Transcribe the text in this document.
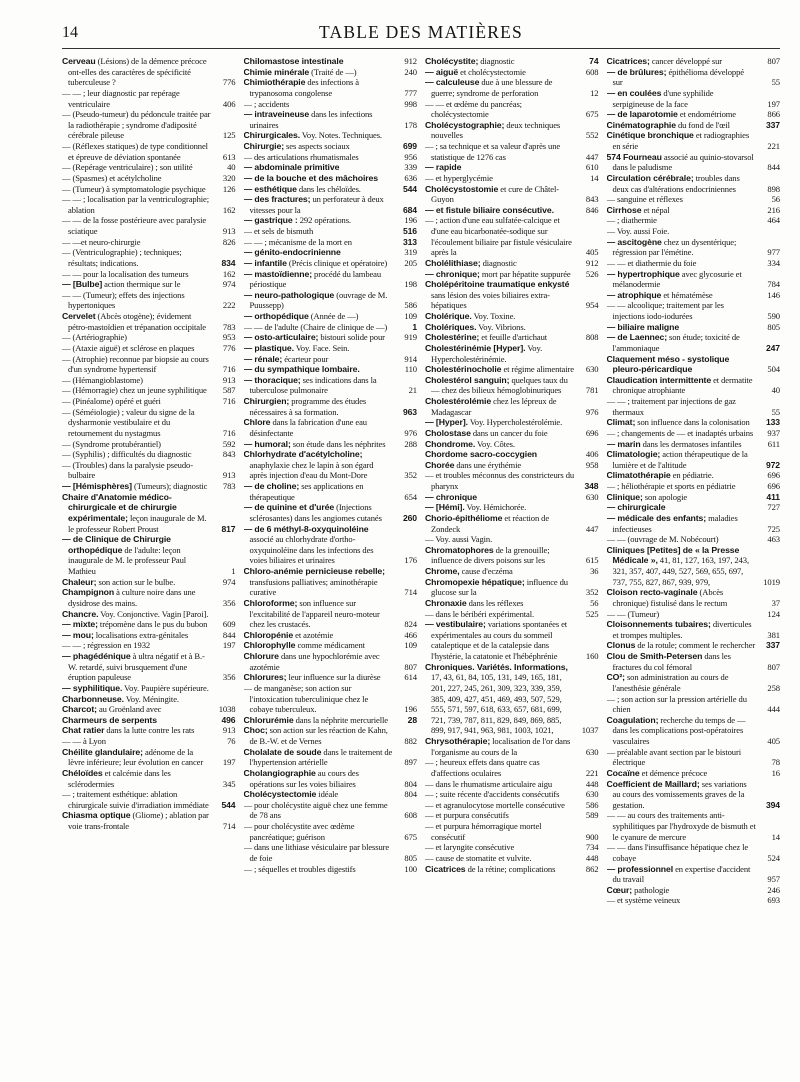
14	TABLE DES MATIÈRES
Cerveau (Lésions) de la démence précoce ont-elles des caractères de spécificité tuberculeuse ?	776
— — ; leur diagnostic par repérage ventriculaire	406
— (Pseudo-tumeur) du pédoncule traitée par la radiothérapie ; syndrome d'adiposité cérébrale pileuse	125
— (Réflexes statiques) de type conditionnel et épreuve de déviation spontanée	613
— (Repérage ventriculaire) ; son utilité	40
— (Spasmes) et acétylcholine	320
— (Tumeur) à symptomatologie psychique 126
— — ; localisation par la ventriculographie; ablation	162
— — de la fosse postérieure avec paralysie sciatique	913
— —et neuro-chirurgie	826
— (Ventriculographie) ; techniques; résultats; indications.	834
— — pour la localisation des tumeurs	162
— [Bulbe] action thermique sur le	974
— — (Tumeur); effets des injections hypertoniques	222
Cervelet (Abcès otogène); évidement pétro-mastoïdien et trépanation occipitale 783
— (Artériographie)	953
— (Ataxie aiguë) et sclérose en plaques	776
— (Atrophie) reconnue par biopsie au cours d'un syndrome hypertensif	716
— (Hémangioblastome)	913
— (Hémorragie) chez un jeune syphilitique 587
— (Pinéalome) opéré et guéri	716
— (Séméiologie) ; valeur du signe de la dysharmonie vestibulaire et du retournement du nystagmus	716
— (Syndrome protubérantiel)	592
— (Syphilis) ; difficultés du diagnostic	843
— (Troubles) dans la paralysie pseudo-bulbaire	913
— [Hémisphères] (Tumeurs); diagnostic 783
Chaire d'Anatomie médico-chirurgicale et de chirurgie expérimentale; leçon inaugurale de M. le professeur Robert Proust	817
— de Clinique de Chirurgie orthopédique de l'adulte: leçon inaugurale de M. le professeur Paul Mathieu	1
Chaleur; son action sur le bulbe.	974
Champignon à culture noire dans une dysidrose des mains.	356
Chancre. Voy. Conjonctive. Vagin [Paroi].
— mixte; trépomène dans le pus du bubon 609
— mou; localisations extra-génitales	844
— — ; régression en 1932	197
— phagédénique à ultra négatif et à B.-W. retardé, suivi brusquement d'une éruption papuleuse	356
— syphilitique. Voy. Paupière supérieure.
Charbonneuse. Voy. Méningite.
Charcot; au Groënland avec	1038
Charmeurs de serpents	496
Chat ratier dans la lutte contre les rats	913
— — à Lyon	76
Chéilite glandulaire; adénome de la lèvre inférieure; leur évolution en cancer 197
Chéloïdes et calcémie dans les sclérodermies	345
— ; traitement esthétique: ablation chirurgicale suivie d'irradiation immédiate 544
Chiasma optique (Gliome) ; ablation par voie trans-frontale	714
Chilomastose intestinale	912
Chimie minérale (Traité de —)	240
Chimiothérapie des infections à trypanosoma congolense	777
— ; accidents	998
— intraveineuse dans les infections urinaires	178
Chirurgicales. Voy. Notes. Techniques.
Chirurgie; ses aspects sociaux	699
— des articulations rhumatismales	956
— abdominale primitive	339
— de la bouche et des mâchoires	636
— esthétique dans les chéloïdes.	544
— des fractures; un perforateur à deux vitesses pour la	684
— gastrique : 292 opérations.	196
— et sels de bismuth	516
— — ; mécanisme de la mort en	313
— génito-endocrinienne	319
— infantile (Précis clinique et opératoire) 205
— mastoïdienne; procédé du lambeau périostique	198
— neuro-pathologique (ouvrage de M. Puussepp)	586
— orthopédique (Année de —)	109
— — de l'adulte (Chaire de clinique de —)	1
— osto-articulaire; bistouri solide pour 919
— plastique. Voy. Face. Sein.
— rénale; écarteur pour	914
— du sympathique lombaire.	110
— thoracique; ses indications dans la tuberculose pulmonaire	21
Chirurgien; programme des études nécessaires à sa formation.	963
Chlore dans la fabrication d'une eau désinfectante	976
— humoral; son étude dans les néphrites 288
Chlorhydrate d'acétylcholine; anaphylaxie chez le lapin à son égard après injection d'eau du Mont-Dore	352
— de choline; ses applications en thérapeutique	654
— de quinine et d'urée (Injections sclérosantes) dans les angiomes cutanés 260
— de 6 méthyl-8-oxyquinoléine associé au chlorhydrate d'ortho-oxyquinoléine dans les infections des voies biliaires et urinaires	176
Chloro-anémie pernicieuse rebelle; transfusions palliatives; aminothérapie curative	714
Chloroforme; son influence sur l'excitabilité de l'appareil neuro-moteur chez les crustacés.	824
Chloropénie et azotémie	466
Chlorophylle comme médicament	109
Chlorure dans une hypochlorémie avec azotémie	807
Chlorures; leur influence sur la diurèse	614
— de manganèse; son action sur l'intoxication tuberculinique chez le cobaye tuberculeux.	196
Chlorurémie dans la néphrite mercurielle 28
Choc; son action sur les réaction de Kahn, de B.-W. et de Vernes	882
Cholalate de soude dans le traitement de l'hypertension artérielle	897
Cholangiographie au cours des opérations sur les voies biliaires	804
Cholécystectomie idéale	804
— pour cholécystite aiguë chez une femme de 78 ans	608
— pour cholécystite avec œdème pancréatique; guérison	675
— dans une lithiase vésiculaire par blessure de foie	805
— ; séquelles et troubles digestifs	100
Cholécystite; diagnostic	74
— aiguë et cholécystectomie	608
— calculeuse due à une blessure de guerre; syndrome de perforation	12
— — et œdème du pancréas; cholécystectomie	675
Cholécystographie; deux techniques nouvelles	552
— ; sa technique et sa valeur d'après une statistique de 1276 cas	447
— rapide	610
— et hyperglycémie	14
Cholécystostomie et cure de Châtel-Guyon	843
— et fistule biliaire consécutive.	846
— ; action d'une eau sulfatée-calcique et d'une eau bicarbonatée-sodique sur l'écoulement biliaire par fistule vésiculaire après la	405
Cholélithiase; diagnostic	912
— chronique; mort par hépatite suppurée 526
Cholépéritoine traumatique enkysté sans lésion des voies biliaires extra-hépatiques	954
Cholérique. Voy. Toxine.
Cholériques. Voy. Vibrions.
Cholestérine; et feuille d'artichaut	808
Cholestérinémie [Hyper]. Voy. Hypercholestérinémie.
Cholestérinocholie et régime alimentaire 630
Cholestérol sanguin; quelques taux du — chez des bilieux hémoglobinuriques	781
Cholestérolémie chez les lépreux de Madagascar	976
— [Hyper]. Voy. Hypercholestérolémie.
Cholostase dans un cancer du foie	696
Chondrome. Voy. Côtes.
Chordome sacro-coccygien	406
Chorée dans une érythémie	958
— et troubles méconnus des constricteurs du pharynx	348
— chronique	630
— [Hémi]. Voy. Hémichorée.
Chorio-épithéliome et réaction de Zondeck	447
— Voy. aussi Vagin.
Chromatophores de la grenouille; influence de divers poisons sur les	615
Chrome, cause d'eczéma	36
Chromopexie hépatique; influence du glucose sur la	352
Chronaxie dans les réflexes	56
— dans le béribéri expérimental.	525
— vestibulaire; variations spontanées et expérimentales au cours du sommeil cataleptique et de la catalepsie dans l'hystérie, la catatonie et l'hébéphrénie	160
Chroniques. Variétés. Informations, 17, 43, 61, 84, 105, 131, 149, 165, 181, 201, 227, 245, 261, 309, 323, 339, 359, 385, 409, 427, 451, 469, 493, 507, 529, 555, 571, 597, 618, 633, 657, 681, 699, 721, 739, 787, 811, 829, 849, 869, 885, 899, 917, 941, 963, 981, 1003, 1021,	1037
Chrysothérapie; localisation de l'or dans l'organisme au cours de la	630
— ; heureux effets dans quatre cas d'affections oculaires	221
— dans le rhumatisme articulaire aigu	448
— ; suite récente d'accidents consécutifs	630
— et agranulocytose mortelle consécutive 586
— et purpura consécutifs	589
— et purpura hémorragique mortel consécutif	900
— et laryngite consécutive	734
— cause de stomatite et vulvite.	448
Cicatrices de la rétine; complications	862
Cicatrices; cancer développé sur	807
— de brûlures; épithélioma développé sur	55
— en coulées d'une syphilide serpigineuse de la face	197
— de laparotomie et endométriome	866
Cinématographie du fond de l'œil	337
Cinétique bronchique et radiographies en série	221
574 Fourneau associé au quinio-stovarsol dans le paludisme	844
Circulation cérébrale; troubles dans deux cas d'altérations endocriniennes	898
— sanguine et réflexes	56
Cirrhose et népal	216
— ; diathermie	464
— Voy. aussi Foie.
— ascitogène chez un dysentérique; régression par l'émétine.	977
— — et diathermie du foie	334
— hypertrophique avec glycosurie et mélanodermie	784
— atrophique et hématémèse	146
— — alcoolique; traitement par les injections iodo-iodurées	590
— biliaire maligne	805
— de Laennec; son étude; toxicité de l'ammoniaque	247
Claquement méso - systolique pleuro-péricardique	504
Claudication intermittente et dermatite chronique atrophiante	40
— — ; traitement par injections de gaz thermaux	55
Climat; son influence dans la colonisation 133
— ; changements de — et inadaptés urbains 937
— marin dans les dermatoses infantiles	611
Climatologie; action thérapeutique de la lumière et de l'altitude	972
Climatothérapie en pédiatrie.	696
— ; héliothérapie et sports en pédiatrie	696
Clinique; son apologie	411
— chirurgicale	727
— médicale des enfants; maladies infectieuses	725
— — (ouvrage de M. Nobécourt)	463
Cliniques [Petites] de « la Presse Médicale », 41, 81, 127, 163, 197, 243, 321, 357, 407, 449, 527, 569, 655, 697, 737, 755, 827, 867, 939, 979,	1019
Cloison recto-vaginale (Abcès chronique) fistulisé dans le rectum	37
— — (Tumeur)	124
Cloisonnements tubaires; diverticules et trompes multiples.	381
Clonus de la rotule; comment le rechercher 337
Clou de Smith-Petersen dans les fractures du col fémoral	807
CO²; son administration au cours de l'anesthésie générale	258
— ; son action sur la pression artérielle du chien	444
Coagulation; recherche du temps de — dans les complications post-opératoires vasculaires	405
— préalable avant section par le bistouri électrique	78
Cocaïne et démence précoce	16
Coefficient de Maillard; ses variations au cours des vomissements graves de la gestation.	394
— — au cours des traitements anti-syphilitiques par l'hydroxyde de bismuth et le cyanure de mercure	14
— — dans l'insuffisance hépatique chez le cobaye	524
— professionnel en expertise d'accident du travail	957
Cœur; pathologie	246
— et système veineux	693
